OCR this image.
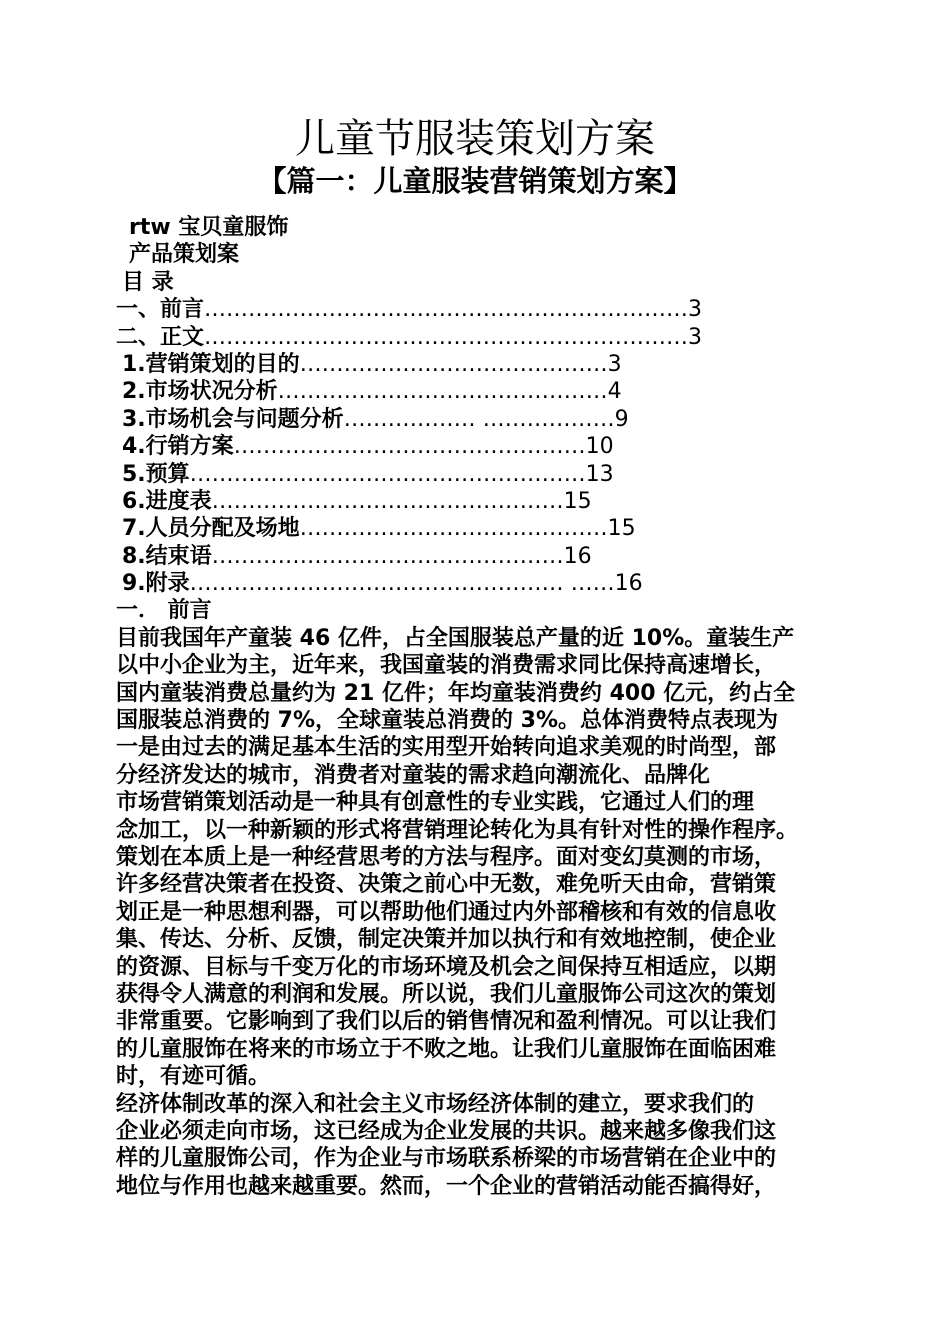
儿童节服装策划方案
【篇一：儿童服装营销策划方案】
rtw 宝贝童服饰
产品策划案
目 录
一、前言…………………………………………………………3
二、正文…………………………………………………………3
1.营销策划的目的……………………………………3
2.市场状况分析………………………………………4
3.市场机会与问题分析……………… ………………9
4.行销方案…………………………………………10
5.预算………………………………………………13
6.进度表…………………………………………15
7.人员分配及场地……………………………………15
8.结束语…………………………………………16
9.附录…………………………………………… ……16
一． 前言
目前我国年产童装 46 亿件，占全国服装总产量的近 10%。童装生产
以中小企业为主，近年来，我国童装的消费需求同比保持高速增长，
国内童装消费总量约为 21 亿件；年均童装消费约 400 亿元，约占全
国服装总消费的 7%，全球童装总消费的 3%。总体消费特点表现为
一是由过去的满足基本生活的实用型开始转向追求美观的时尚型，部
分经济发达的城市，消费者对童装的需求趋向潮流化、品牌化
市场营销策划活动是一种具有创意性的专业实践，它通过人们的理
念加工，以一种新颖的形式将营销理论转化为具有针对性的操作程序。
策划在本质上是一种经营思考的方法与程序。面对变幻莫测的市场，
许多经营决策者在投资、决策之前心中无数，难免听天由命，营销策
划正是一种思想利器，可以帮助他们通过内外部稽核和有效的信息收
集、传达、分析、反馈，制定决策并加以执行和有效地控制，使企业
的资源、目标与千变万化的市场环境及机会之间保持互相适应，以期
获得令人满意的利润和发展。所以说，我们儿童服饰公司这次的策划
非常重要。它影响到了我们以后的销售情况和盈利情况。可以让我们
的儿童服饰在将来的市场立于不败之地。让我们儿童服饰在面临困难
时，有迹可循。
经济体制改革的深入和社会主义市场经济体制的建立，要求我们的
企业必须走向市场，这已经成为企业发展的共识。越来越多像我们这
样的儿童服饰公司，作为企业与市场联系桥梁的市场营销在企业中的
地位与作用也越来越重要。然而，一个企业的营销活动能否搞得好，
